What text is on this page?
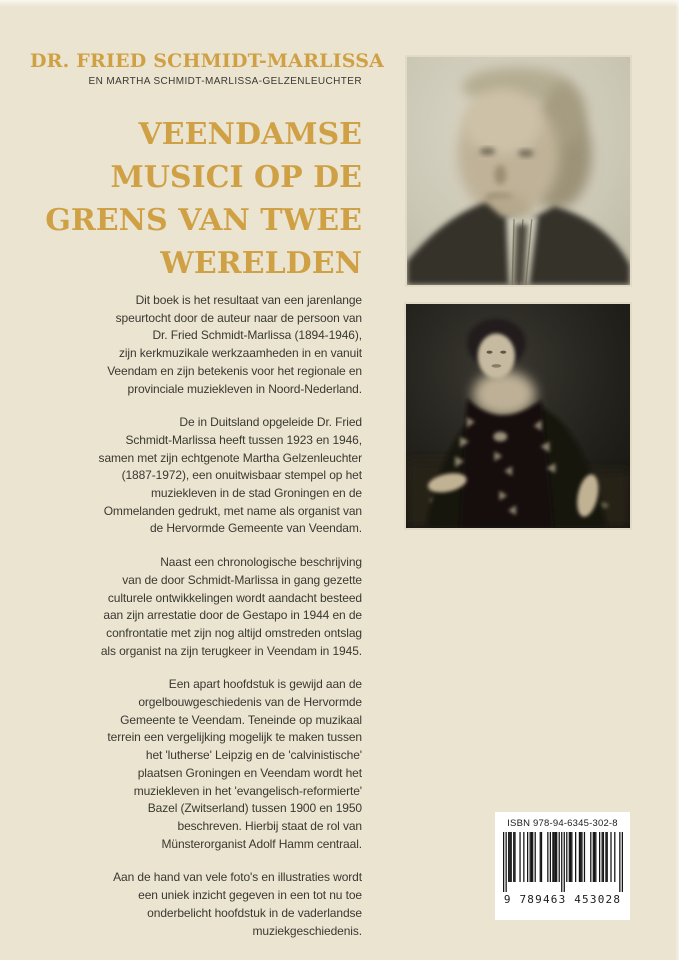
DR. FRIED SCHMIDT-MARLISSA
EN MARTHA SCHMIDT-MARLISSA-GELZENLEUCHTER
VEENDAMSE
MUSICI OP DE
GRENS VAN TWEE
WERELDEN

Dit boek is het resultaat van een jarenlange
speurtocht door de auteur naar de persoon van
Dr. Fried Schmidt-Marlissa (1894-1946),
zijn kerkmuzikale werkzaamheden in en vanuit
Veendam en zijn betekenis voor het regionale en
provinciale muziekleven in Noord-Nederland.

De in Duitsland opgeleide Dr. Fried
Schmidt-Marlissa heeft tussen 1923 en 1946,
samen met zijn echtgenote Martha Gelzenleuchter
(1887-1972), een onuitwisbaar stempel op het
muziekleven in de stad Groningen en de
Ommelanden gedrukt, met name als organist van
de Hervormde Gemeente van Veendam.

Naast een chronologische beschrijving
van de door Schmidt-Marlissa in gang gezette
culturele ontwikkelingen wordt aandacht besteed
aan zijn arrestatie door de Gestapo in 1944 en de
confrontatie met zijn nog altijd omstreden ontslag
als organist na zijn terugkeer in Veendam in 1945.

Een apart hoofdstuk is gewijd aan de
orgelbouwgeschiedenis van de Hervormde
Gemeente te Veendam. Teneinde op muzikaal
terrein een vergelijking mogelijk te maken tussen
het 'lutherse' Leipzig en de 'calvinistische'
plaatsen Groningen en Veendam wordt het
muziekleven in het 'evangelisch-reformierte'
Bazel (Zwitserland) tussen 1900 en 1950
beschreven. Hierbij staat de rol van
Münsterorganist Adolf Hamm centraal.

Aan de hand van vele foto's en illustraties wordt
een uniek inzicht gegeven in een tot nu toe
onderbelicht hoofdstuk in de vaderlandse
muziekgeschiedenis.

ISBN 978-94-6345-302-8
9 789463 453028
